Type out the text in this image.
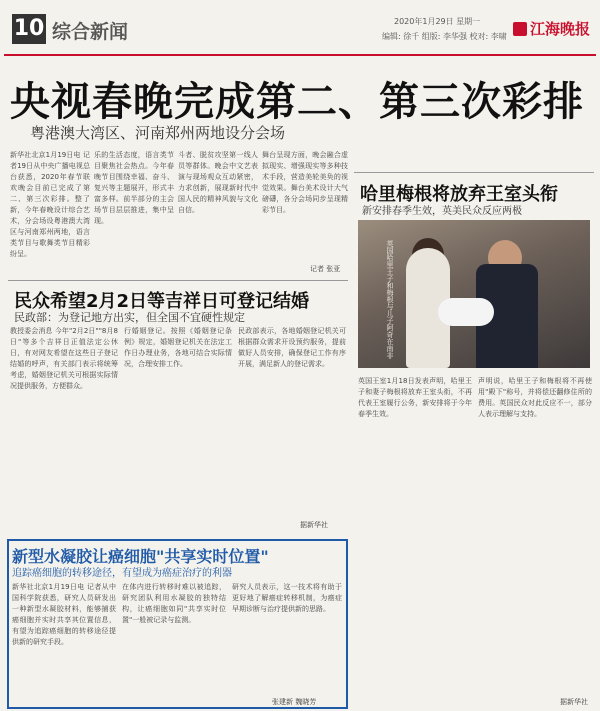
10 综合新闻	2020年1月29日 星期一
编辑: 徐千 组版: 李华强 校对: 李啸	江海晚报
央视春晚完成第二、第三次彩排
粤港澳大湾区、河南郑州两地设分会场
新华社北京1月19日电 记者19日从中央广播电视总台获悉，2020年春节联欢晚会目前已完成了第二、第三次彩排。整了新，今年春晚设计综合艺术，分会场设粤港澳大湾区与河南郑州两地，语言类节目与歌舞类节目精彩纷呈。
乐的生活态度，语言类节目聚焦社会热点。今年春晚节目围绕幸福、奋斗、复兴等主题展开，形式丰富多样。前半部分的主会场节目层层推进，集中呈现。
斗者、脱贫攻坚第一线人员等群体。晚会中文艺表演与现场观众互动紧密，力求创新，展现新时代中国人民的精神风貌与文化自信。
舞台呈现方面，晚会融合虚拟现实、增强现实等多种技术手段，营造美轮美奂的视觉效果。舞台美术设计大气磅礴，各分会场同步呈现精彩节目。
记者 张亚
民众希望2月2日等吉祥日可登记结婚
民政部：为登记地方出实，但全国不宜硬性规定
教授委会消息 今年"2月2日""8月8日"等多个吉祥日正值法定公休日，有对网友希望在这些日子登记结婚的呼声，有关部门表示将统筹考虑，婚姻登记机关可根据实际情况提供服务，方便群众。
行婚姻登记。按照《婚姻登记条例》规定，婚姻登记机关在法定工作日办理业务，各地可结合实际情况，合理安排工作。
民政部表示，各地婚姻登记机关可根据群众需求开设预约服务，提前做好人员安排，确保登记工作有序开展，满足新人的登记需求。
据新华社
新型水凝胶让癌细胞"共享实时位置"
追踪癌细胞的转移途径，有望成为癌症治疗的利器
新华社北京1月19日电 记者从中国科学院获悉，研究人员研发出一种新型水凝胶材料，能够捕获癌细胞并实时共享其位置信息，有望为追踪癌细胞的转移途径提供新的研究手段。
在体内进行转移时难以被追踪，研究团队利用水凝胶的独特结构，让癌细胞如同"共享实时位置"一般被记录与监测。
研究人员表示，这一技术将有助于更好地了解癌症转移机制，为癌症早期诊断与治疗提供新的思路。
张建新 魏晓芳
哈里梅根将放弃王室头衔
新安排春季生效，英美民众反应两极
英国哈里王子和梅根与儿子阿奇在南非
英国王室1月18日发表声明，哈里王子和妻子梅根将放弃王室头衔，不再代表王室履行公务，新安排将于今年春季生效。
声明说，哈里王子和梅根将不再使用"殿下"称号，并将偿还翻修住所的费用。英国民众对此反应不一，部分人表示理解与支持。
据新华社
